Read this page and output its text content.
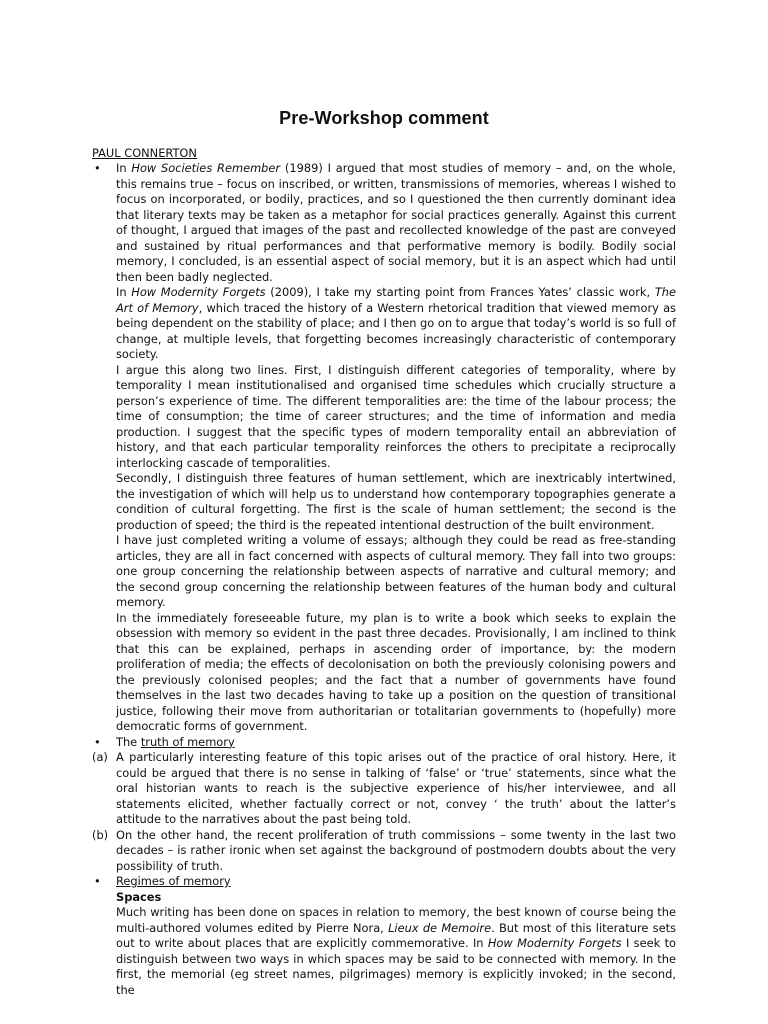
Pre-Workshop comment
PAUL CONNERTON
•	In How Societies Remember (1989) I argued that most studies of memory – and, on the whole, this remains true – focus on inscribed, or written, transmissions of memories, whereas I wished to focus on incorporated, or bodily, practices, and so I questioned the then currently dominant idea that literary texts may be taken as a metaphor for social practices generally. Against this current of thought, I argued that images of the past and recollected knowledge of the past are conveyed and sustained by ritual performances and that performative memory is bodily. Bodily social memory, I concluded, is an essential aspect of social memory, but it is an aspect which had until then been badly neglected.

In How Modernity Forgets (2009), I take my starting point from Frances Yates’ classic work, The Art of Memory, which traced the history of a Western rhetorical tradition that viewed memory as being dependent on the stability of place; and I then go on to argue that today’s world is so full of change, at multiple levels, that forgetting becomes increasingly characteristic of contemporary society.

I argue this along two lines. First, I distinguish different categories of temporality, where by temporality I mean institutionalised and organised time schedules which crucially structure a person’s experience of time. The different temporalities are: the time of the labour process; the time of consumption; the time of career structures; and the time of information and media production. I suggest that the specific types of modern temporality entail an abbreviation of history, and that each particular temporality reinforces the others to precipitate a reciprocally interlocking cascade of temporalities.

Secondly, I distinguish three features of human settlement, which are inextricably intertwined, the investigation of which will help us to understand how contemporary topographies generate a condition of cultural forgetting. The first is the scale of human settlement; the second is the production of speed; the third is the repeated intentional destruction of the built environment.

I have just completed writing a volume of essays; although they could be read as free-standing articles, they are all in fact concerned with aspects of cultural memory. They fall into two groups: one group concerning the relationship between aspects of narrative and cultural memory; and the second group concerning the relationship between features of the human body and cultural memory.

In the immediately foreseeable future, my plan is to write a book which seeks to explain the obsession with memory so evident in the past three decades. Provisionally, I am inclined to think that this can be explained, perhaps in ascending order of importance, by: the modern proliferation of media; the effects of decolonisation on both the previously colonising powers and the previously colonised peoples; and the fact that a number of governments have found themselves in the last two decades having to take up a position on the question of transitional justice, following their move from authoritarian or totalitarian governments to (hopefully) more democratic forms of government.

•	The truth of memory

(a) A particularly interesting feature of this topic arises out of the practice of oral history. Here, it could be argued that there is no sense in talking of ‘false’ or ‘true’ statements, since what the oral historian wants to reach is the subjective experience of his/her interviewee, and all statements elicited, whether factually correct or not, convey ‘ the truth’ about the latter’s attitude to the narratives about the past being told.

(b) On the other hand, the recent proliferation of truth commissions – some twenty in the last two decades – is rather ironic when set against the background of postmodern doubts about the very possibility of truth.

•	Regimes of memory

Spaces

Much writing has been done on spaces in relation to memory, the best known of course being the multi-authored volumes edited by Pierre Nora, Lieux de Memoire. But most of this literature sets out to write about places that are explicitly commemorative. In How Modernity Forgets I seek to distinguish between two ways in which spaces may be said to be connected with memory. In the first, the memorial (eg street names, pilgrimages) memory is explicitly invoked; in the second, the
